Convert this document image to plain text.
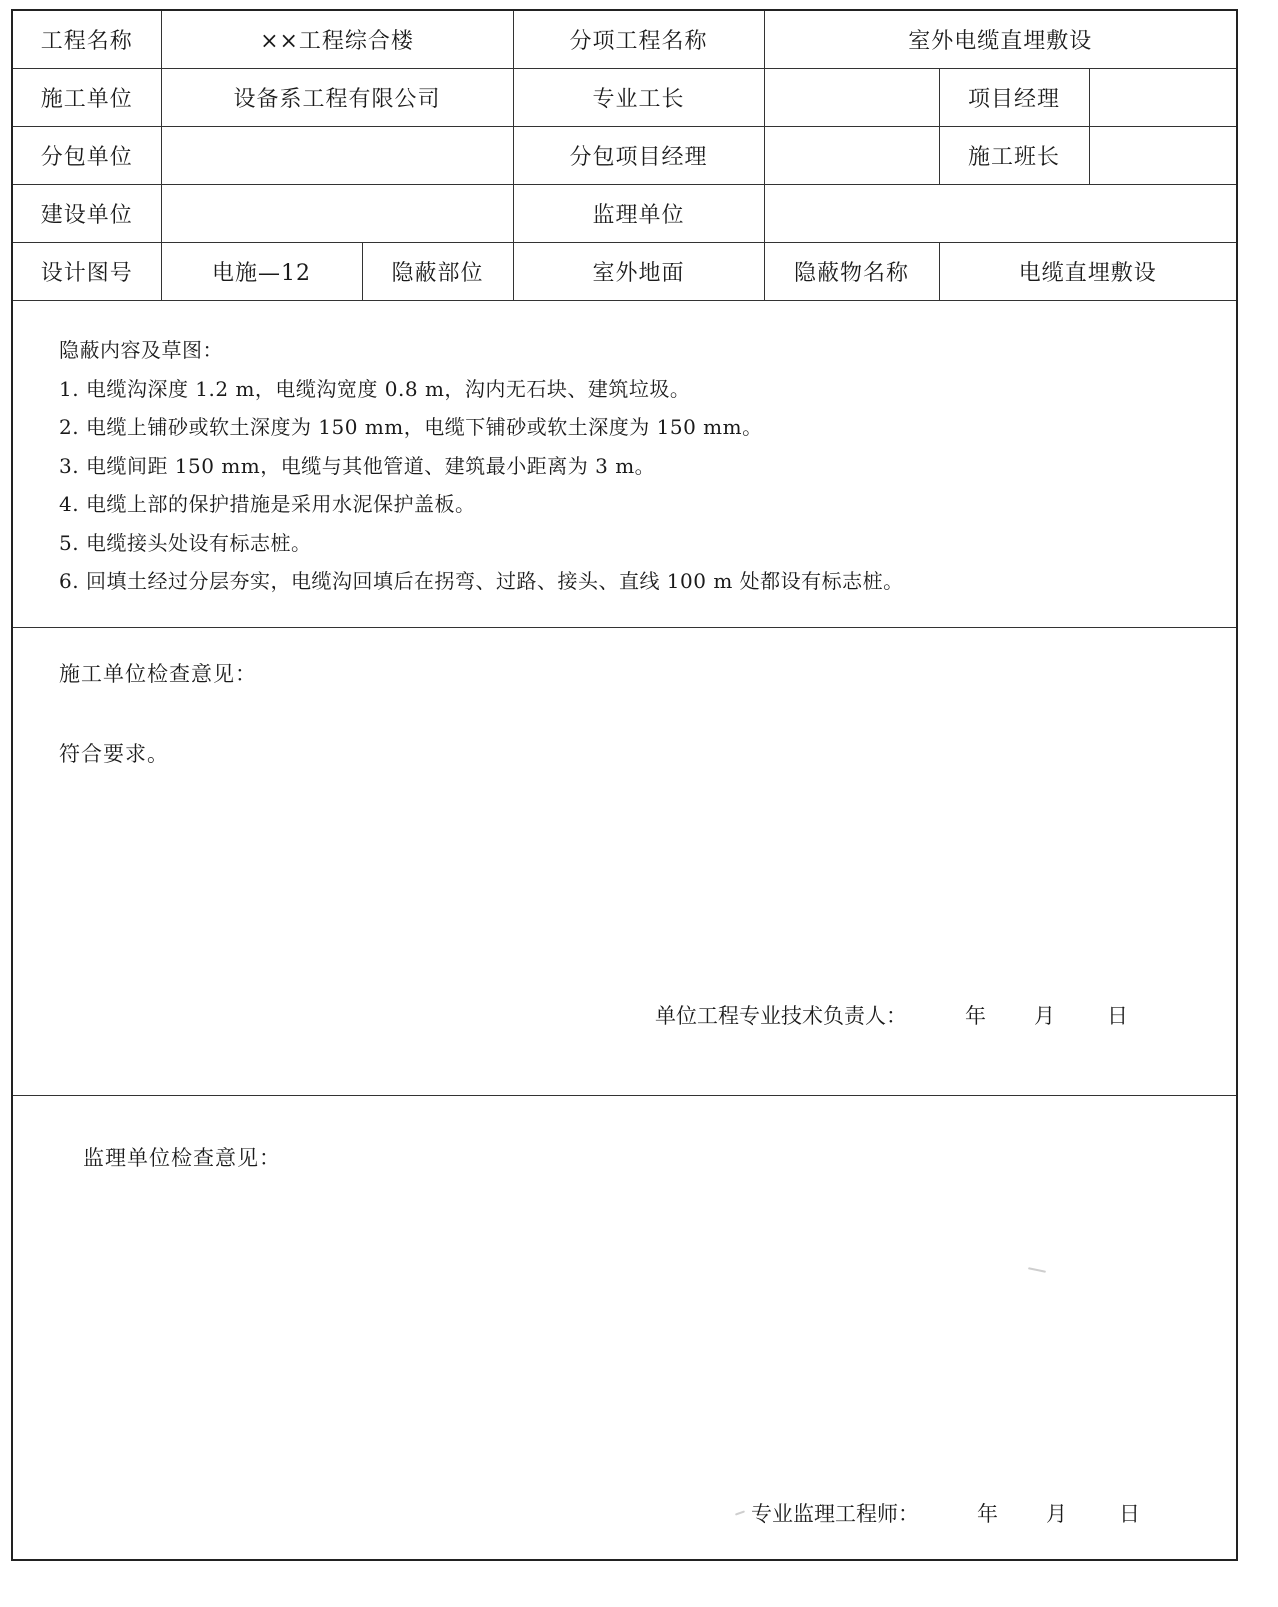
工程名称	××工程综合楼		分项工程名称	室外电缆直埋敷设		
施工单位	设备系工程有限公司		专业工长		项目经理	
分包单位			分包项目经理		施工班长	
建设单位			监理单位			
设计图号	电施—12	隐蔽部位	室外地面	隐蔽物名称	电缆直埋敷设	
隐蔽内容及草图：
1. 电缆沟深度 1.2 m，电缆沟宽度 0.8 m，沟内无石块、建筑垃圾。
2. 电缆上铺砂或软土深度为 150 mm，电缆下铺砂或软土深度为 150 mm。
3. 电缆间距 150 mm，电缆与其他管道、建筑最小距离为 3 m。
4. 电缆上部的保护措施是采用水泥保护盖板。
5. 电缆接头处设有标志桩。
6. 回填土经过分层夯实，电缆沟回填后在拐弯、过路、接头、直线 100 m 处都设有标志桩。
施工单位检查意见：
符合要求。
单位工程专业技术负责人：	年 月 日
监理单位检查意见：
专业监理工程师：	年 月 日
